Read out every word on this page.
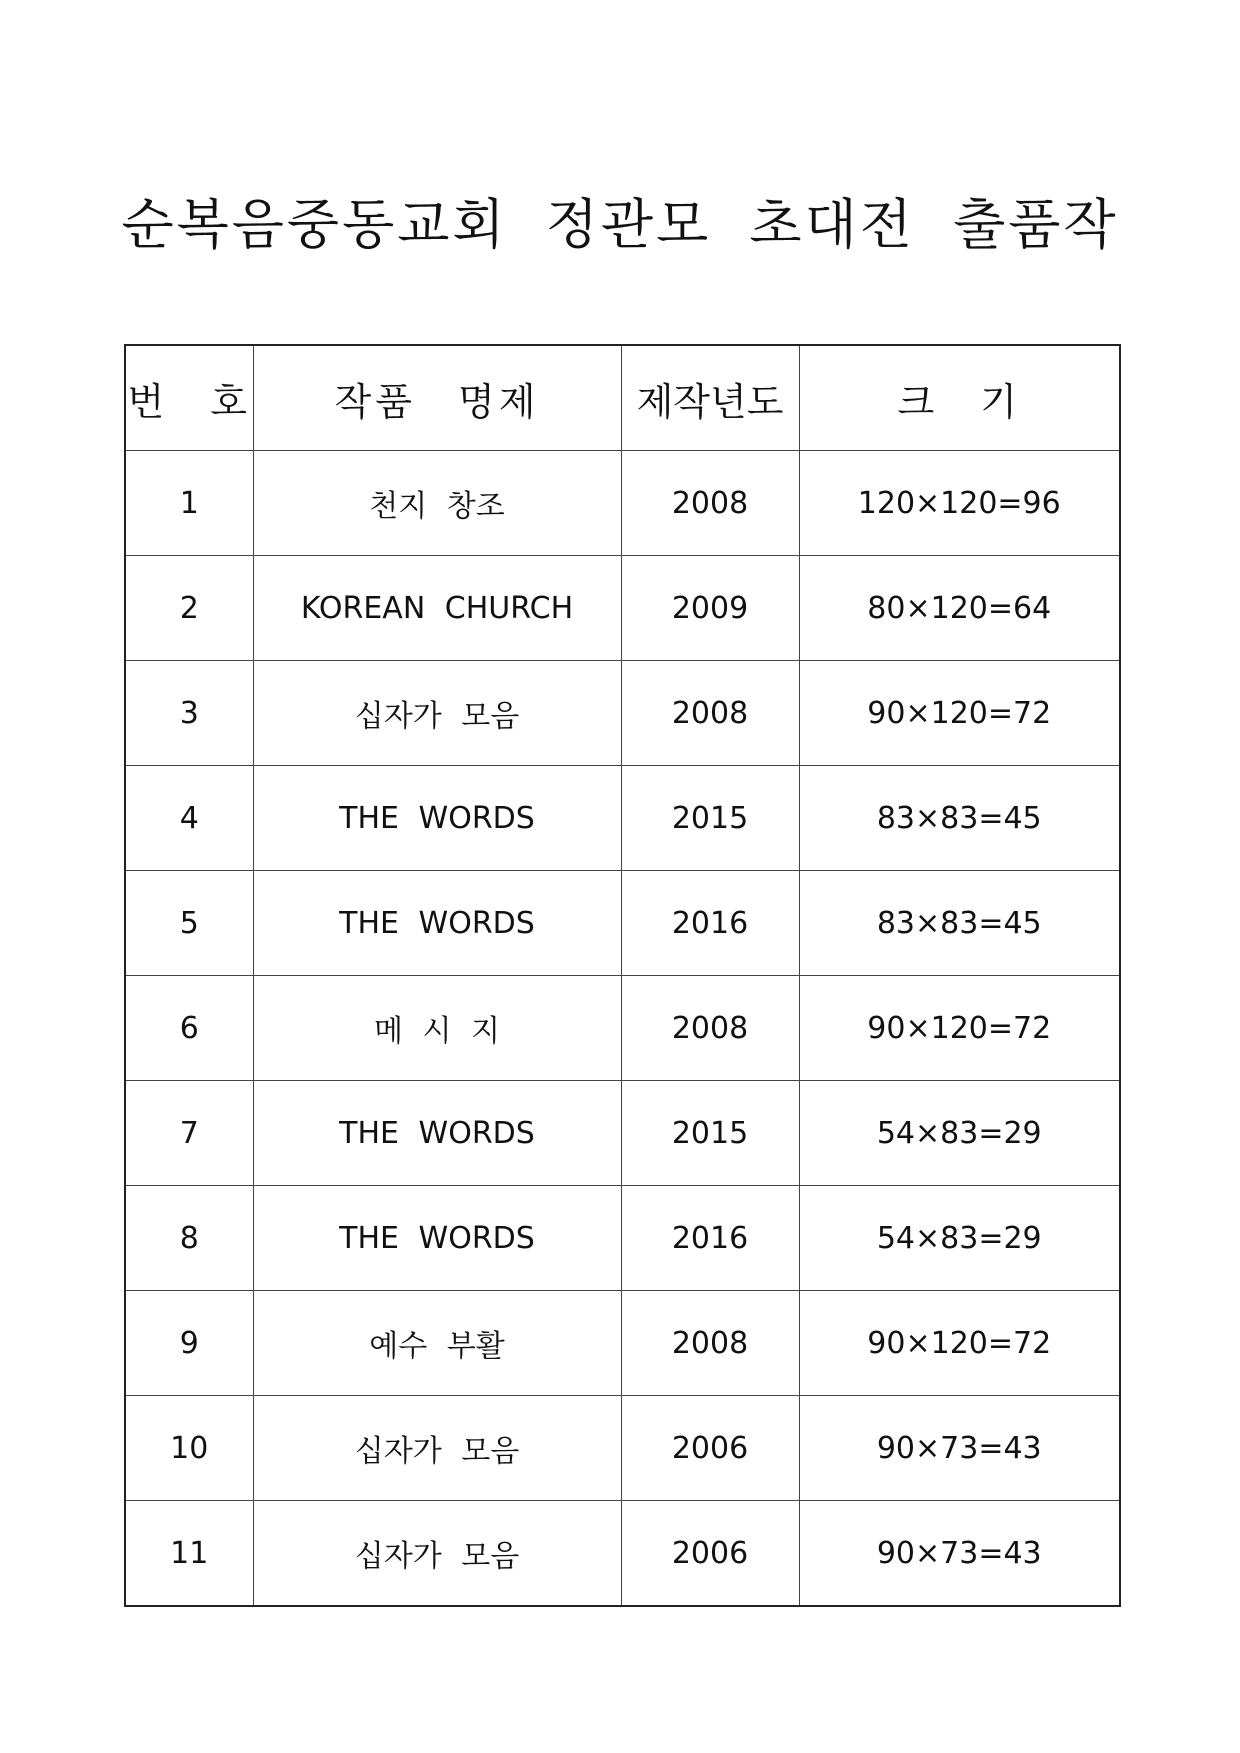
순복음중동교회 정관모 초대전 출품작
번 호	작품 명제	제작년도	크 기
1	천지 창조	2008	120×120=96
2	KOREAN CHURCH	2009	80×120=64
3	십자가 모음	2008	90×120=72
4	THE WORDS	2015	83×83=45
5	THE WORDS	2016	83×83=45
6	메 시 지	2008	90×120=72
7	THE WORDS	2015	54×83=29
8	THE WORDS	2016	54×83=29
9	예수 부활	2008	90×120=72
10	십자가 모음	2006	90×73=43
11	십자가 모음	2006	90×73=43
